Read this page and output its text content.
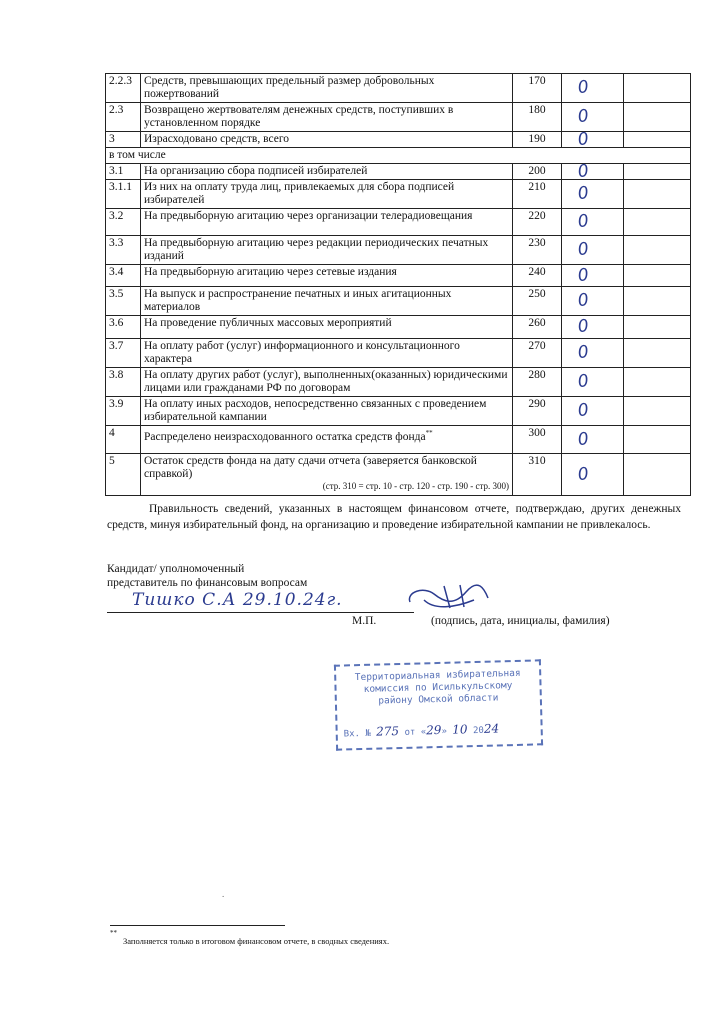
2.2.3	Средств, превышающих предельный размер добровольных пожертвований	170	0	

2.3	Возвращено жертвователям денежных средств, поступивших в установленном порядке	180	0	

3	Израсходовано средств, всего	190	0	

в том числе				
3.1	На организацию сбора подписей избирателей	200	0	

3.1.1	Из них на оплату труда лиц, привлекаемых для сбора подписей избирателей	210	0	

3.2	На предвыборную агитацию через организации телерадиовещания	220	0	

3.3	На предвыборную агитацию через редакции периодических печатных изданий	230	0	

3.4	На предвыборную агитацию через сетевые издания	240	0	

3.5	На выпуск и распространение печатных и иных агитационных материалов	250	0	

3.6	На проведение публичных массовых мероприятий	260	0	

3.7	На оплату работ (услуг) информационного и консультационного характера	270	0	

3.8	На оплату других работ (услуг), выполненных(оказанных) юридическими лицами или гражданами РФ по договорам	280	0	

3.9	На оплату иных расходов, непосредственно связанных с проведением избирательной кампании	290	0	

4	Распределено неизрасходованного остатка средств фонда**	300	0	

5	Остаток средств фонда на дату сдачи отчета (заверяется банковской справкой)
(стр. 310 = стр. 10 - стр. 120 - стр. 190 - стр. 300)	310	0	

Правильность сведений, указанных в настоящем финансовом отчете, подтверждаю, других денежных средств, минуя избирательный фонд, на организацию и проведение избирательной кампании не привлекалось.

Кандидат/ уполномоченный
представитель по финансовым вопросам
Тишко С.А 29.10.24г.
М.П.	(подпись, дата, инициалы, фамилия)
Территориальная избирательная
комиссия по Исилькульскому
району Омской области
Вх. № 275 от «29» 10 2024
.
**
Заполняется только в итоговом финансовом отчете, в сводных сведениях.
